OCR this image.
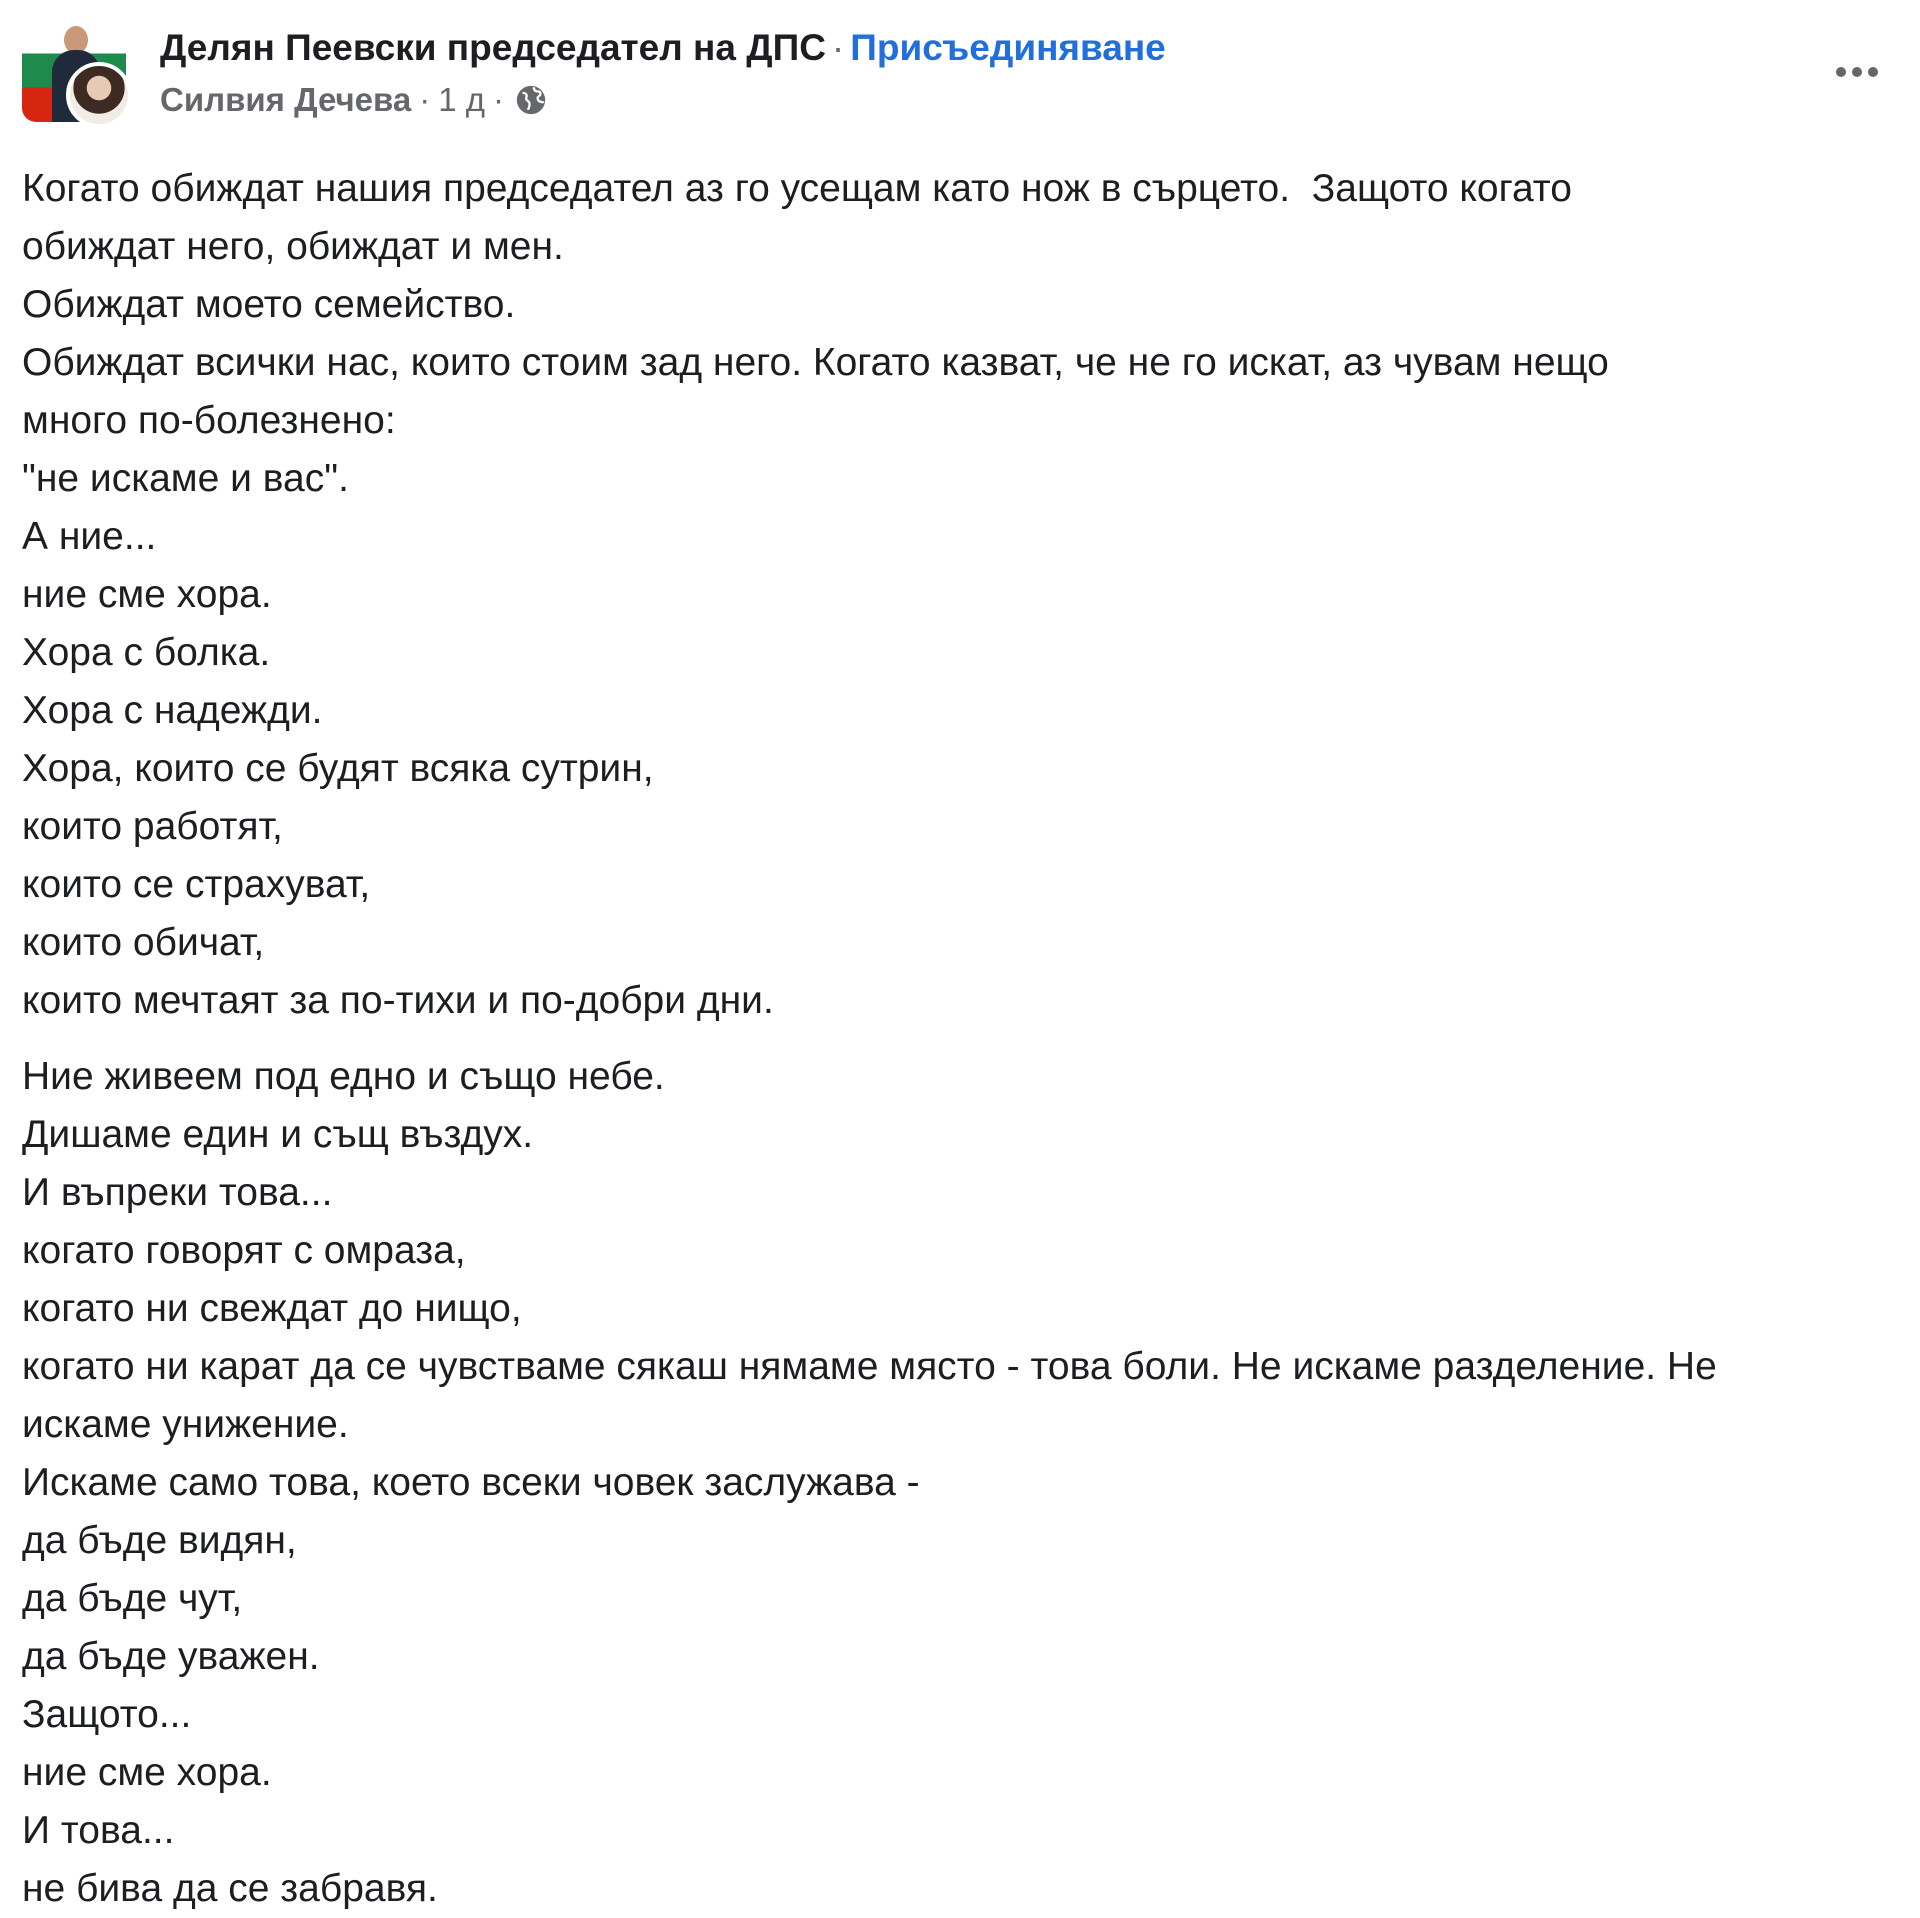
Делян Пеевски председател на ДПС · Присъединяване
Силвия Дечева · 1 д ·

Когато обиждат нашия председател аз го усещам като нож в сърцето.  Защото когато

обиждат него, обиждат и мен.

Обиждат моето семейство.

Обиждат всички нас, които стоим зад него. Когато казват, че не го искат, аз чувам нещо

много по-болезнено:

"не искаме и вас".

А ние...

ние сме хора.

Хора с болка.

Хора с надежди.

Хора, които се будят всяка сутрин,

които работят,

които се страхуват,

които обичат,

които мечтаят за по-тихи и по-добри дни.

Ние живеем под едно и също небе.

Дишаме един и същ въздух.

И въпреки това...

когато говорят с омраза,

когато ни свеждат до нищо,

когато ни карат да се чувстваме сякаш нямаме място - това боли. Не искаме разделение. Не

искаме унижение.

Искаме само това, което всеки човек заслужава -

да бъде видян,

да бъде чут,

да бъде уважен.

Защото...

ние сме хора.

И това...

не бива да се забравя.
